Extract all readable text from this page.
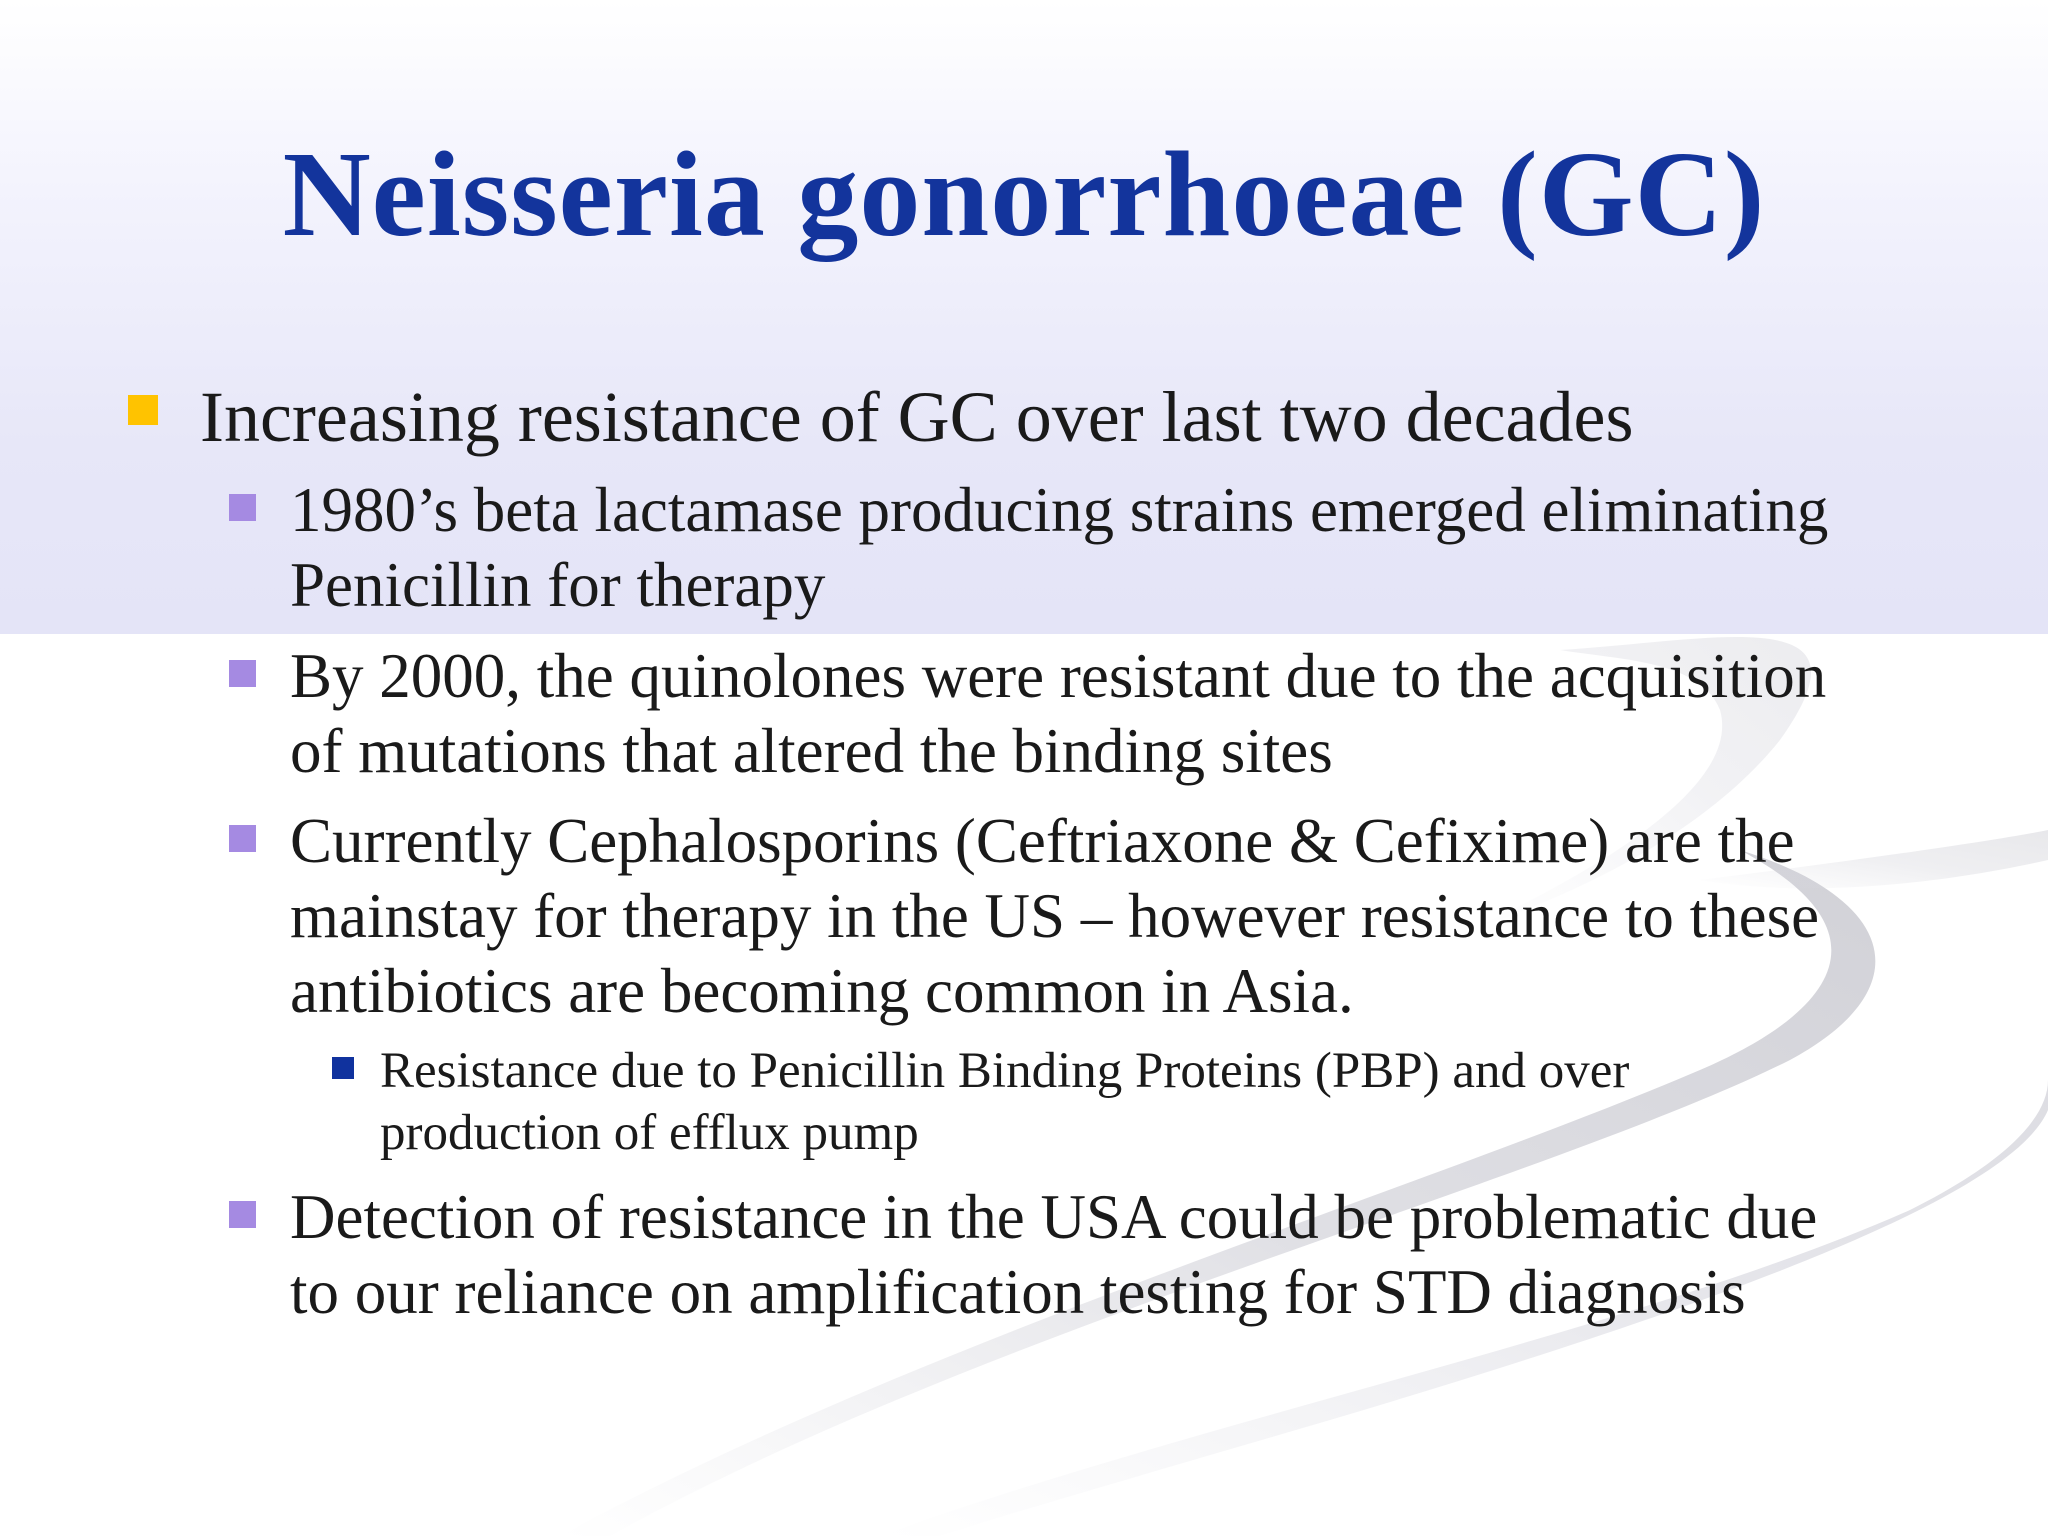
Neisseria gonorrhoeae (GC)
Increasing resistance of GC over last two decades
1980’s beta lactamase producing strains emerged eliminating
Penicillin for therapy
By 2000, the quinolones were resistant due to the acquisition
of mutations that altered the binding sites
Currently Cephalosporins (Ceftriaxone & Cefixime) are the
mainstay for therapy in the US – however resistance to these
antibiotics are becoming common in Asia.
Resistance due to Penicillin Binding Proteins (PBP) and over
production of efflux pump
Detection of resistance in the USA could be problematic due
to our reliance on amplification testing for STD diagnosis
